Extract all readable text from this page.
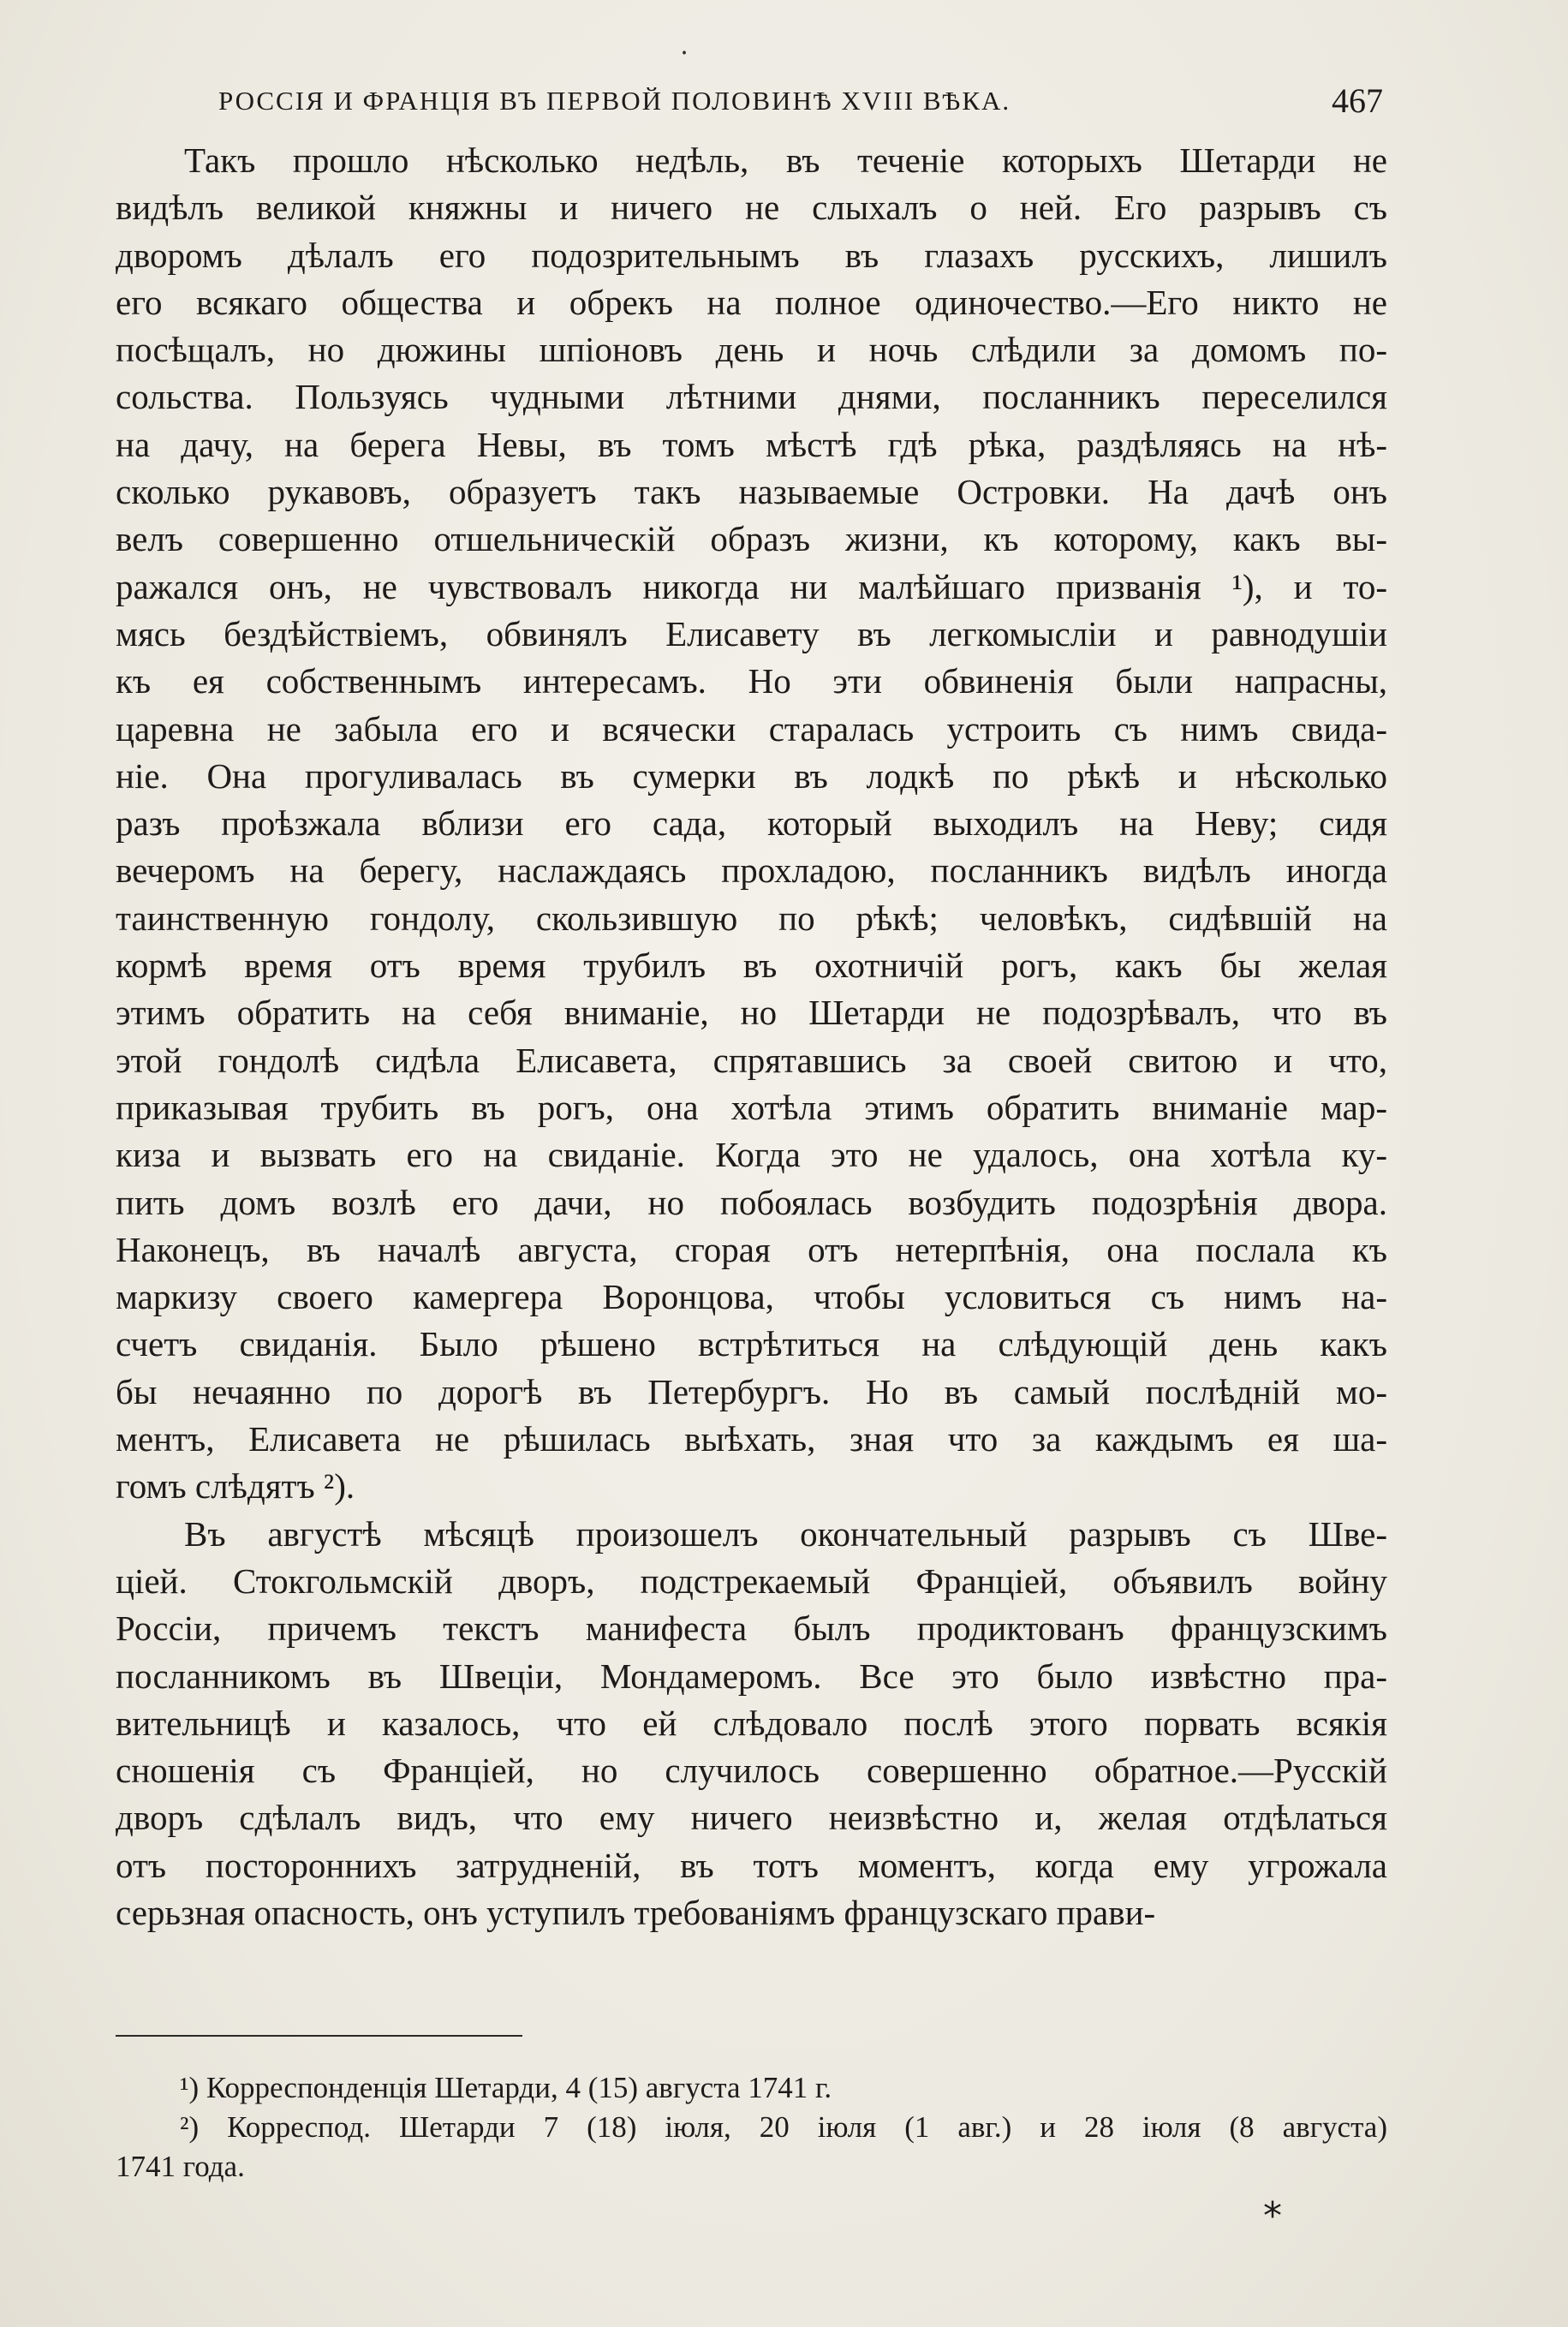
РОССІЯ И ФРАНЦІЯ ВЪ ПЕРВОЙ ПОЛОВИНѢ XVIII ВѢКА.	467

Такъ прошло нѣсколько недѣль, въ теченіе которыхъ Шетарди не
видѣлъ великой княжны и ничего не слыхалъ о ней. Его разрывъ съ
дворомъ дѣлалъ его подозрительнымъ въ глазахъ русскихъ, лишилъ
его всякаго общества и обрекъ на полное одиночество.—Его никто не
посѣщалъ, но дюжины шпіоновъ день и ночь слѣдили за домомъ по-
сольства. Пользуясь чудными лѣтними днями, посланникъ переселился
на дачу, на берега Невы, въ томъ мѣстѣ гдѣ рѣка, раздѣляясь на нѣ-
сколько рукавовъ, образуетъ такъ называемые Островки. На дачѣ онъ
велъ совершенно отшельническій образъ жизни, къ которому, какъ вы-
ражался онъ, не чувствовалъ никогда ни малѣйшаго призванія ¹), и то-
мясь бездѣйствіемъ, обвинялъ Елисавету въ легкомысліи и равнодушіи
къ ея собственнымъ интересамъ. Но эти обвиненія были напрасны,
царевна не забыла его и всячески старалась устроить съ нимъ свида-
ніе. Она прогуливалась въ сумерки въ лодкѣ по рѣкѣ и нѣсколько
разъ проѣзжала вблизи его сада, который выходилъ на Неву; сидя
вечеромъ на берегу, наслаждаясь прохладою, посланникъ видѣлъ иногда
таинственную гондолу, скользившую по рѣкѣ; человѣкъ, сидѣвшій на
кормѣ время отъ время трубилъ въ охотничій рогъ, какъ бы желая
этимъ обратить на себя вниманіе, но Шетарди не подозрѣвалъ, что въ
этой гондолѣ сидѣла Елисавета, спрятавшись за своей свитою и что,
приказывая трубить въ рогъ, она хотѣла этимъ обратить вниманіе мар-
киза и вызвать его на свиданіе. Когда это не удалось, она хотѣла ку-
пить домъ возлѣ его дачи, но побоялась возбудить подозрѣнія двора.
Наконецъ, въ началѣ августа, сгорая отъ нетерпѣнія, она послала къ
маркизу своего камергера Воронцова, чтобы условиться съ нимъ на-
счетъ свиданія. Было рѣшено встрѣтиться на слѣдующій день какъ
бы нечаянно по дорогѣ въ Петербургъ. Но въ самый послѣдній мо-
ментъ, Елисавета не рѣшилась выѣхать, зная что за каждымъ ея ша-
гомъ слѣдятъ ²).

Въ августѣ мѣсяцѣ произошелъ окончательный разрывъ съ Шве-
ціей. Стокгольмскій дворъ, подстрекаемый Франціей, объявилъ войну
Россіи, причемъ текстъ манифеста былъ продиктованъ французскимъ
посланникомъ въ Швеціи, Мондамеромъ. Все это было извѣстно пра-
вительницѣ и казалось, что ей слѣдовало послѣ этого порвать всякія
сношенія съ Франціей, но случилось совершенно обратное.—Русскій
дворъ сдѣлалъ видъ, что ему ничего неизвѣстно и, желая отдѣлаться
отъ постороннихъ затрудненій, въ тотъ моментъ, когда ему угрожала
серьзная опасность, онъ уступилъ требованіямъ французскаго прави-

¹) Корреспонденція Шетарди, 4 (15) августа 1741 г.
²) Корреспод. Шетарди 7 (18) іюля, 20 іюля (1 авг.) и 28 іюля (8 августа)
1741 года.
⸱
*
